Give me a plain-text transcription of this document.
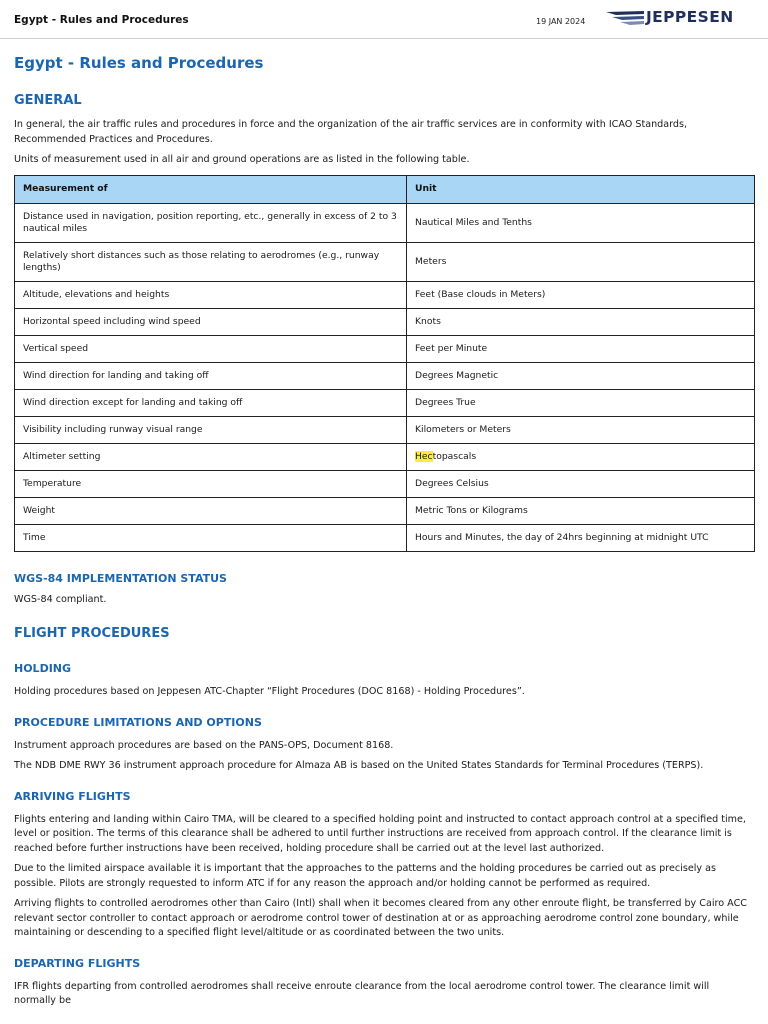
Egypt - Rules and Procedures	19 JAN 2024	JEPPESEN
Egypt - Rules and Procedures
GENERAL

In general, the air traffic rules and procedures in force and the organization of the air traffic services are in conformity with ICAO Standards, Recommended Practices and Procedures.

Units of measurement used in all air and ground operations are as listed in the following table.

Measurement of	Unit
Distance used in navigation, position reporting, etc., generally in excess of 2 to 3 nautical miles	Nautical Miles and Tenths
Relatively short distances such as those relating to aerodromes (e.g., runway lengths)	Meters
Altitude, elevations and heights	Feet (Base clouds in Meters)
Horizontal speed including wind speed	Knots
Vertical speed	Feet per Minute
Wind direction for landing and taking off	Degrees Magnetic
Wind direction except for landing and taking off	Degrees True
Visibility including runway visual range	Kilometers or Meters
Altimeter setting	Hectopascals
Temperature	Degrees Celsius
Weight	Metric Tons or Kilograms
Time	Hours and Minutes, the day of 24hrs beginning at midnight UTC
WGS-84 IMPLEMENTATION STATUS

WGS-84 compliant.

FLIGHT PROCEDURES
HOLDING

Holding procedures based on Jeppesen ATC-Chapter “Flight Procedures (DOC 8168) - Holding Procedures”.

PROCEDURE LIMITATIONS AND OPTIONS

Instrument approach procedures are based on the PANS-OPS, Document 8168.

The NDB DME RWY 36 instrument approach procedure for Almaza AB is based on the United States Standards for Terminal Procedures (TERPS).

ARRIVING FLIGHTS

Flights entering and landing within Cairo TMA, will be cleared to a specified holding point and instructed to contact approach control at a specified time, level or position. The terms of this clearance shall be adhered to until further instructions are received from approach control. If the clearance limit is reached before further instructions have been received, holding procedure shall be carried out at the level last authorized.

Due to the limited airspace available it is important that the approaches to the patterns and the holding procedures be carried out as precisely as possible. Pilots are strongly requested to inform ATC if for any reason the approach and/or holding cannot be performed as required.

Arriving flights to controlled aerodromes other than Cairo (Intl) shall when it becomes cleared from any other enroute flight, be transferred by Cairo ACC relevant sector controller to contact approach or aerodrome control tower of destination at or as approaching aerodrome control zone boundary, while maintaining or descending to a specified flight level/altitude or as coordinated between the two units.

DEPARTING FLIGHTS

IFR flights departing from controlled aerodromes shall receive enroute clearance from the local aerodrome control tower. The clearance limit will normally be
